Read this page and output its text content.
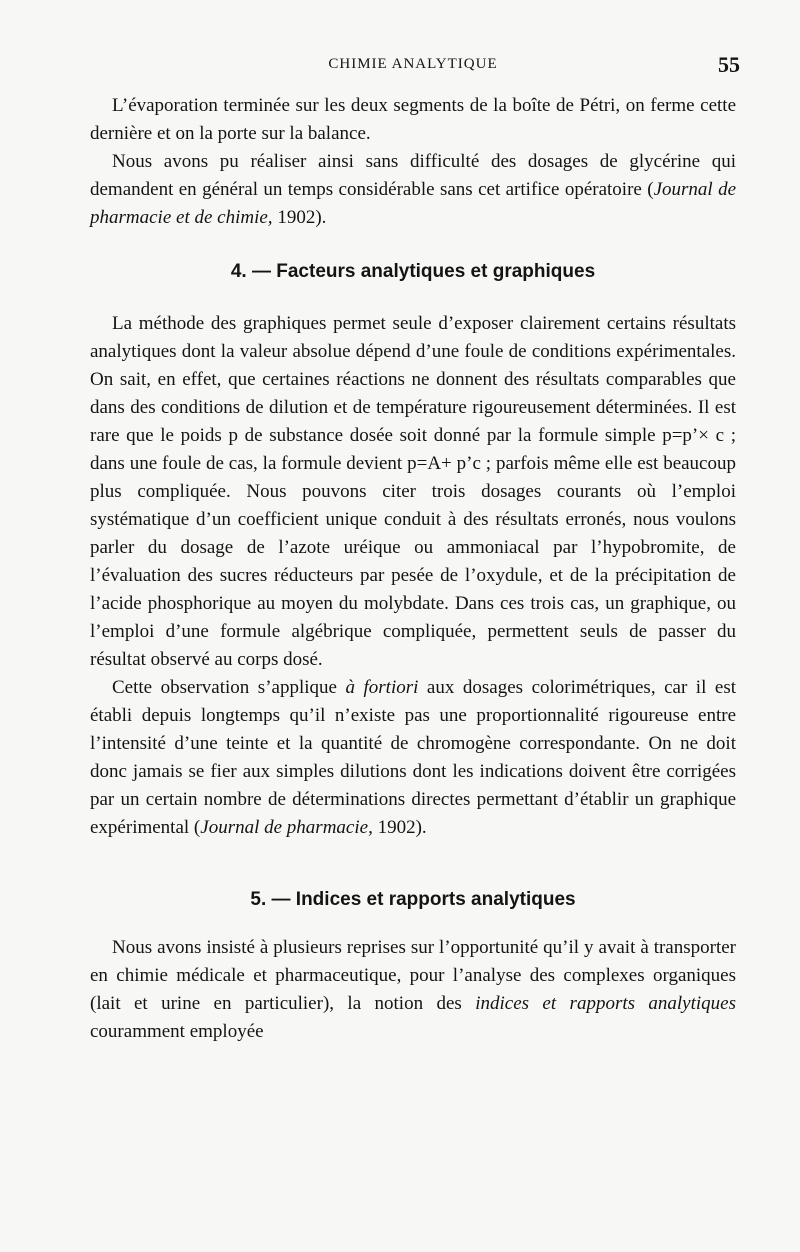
CHIMIE ANALYTIQUE	55

L’évaporation terminée sur les deux segments de la boîte de Pétri, on ferme cette dernière et on la porte sur la balance.

Nous avons pu réaliser ainsi sans difficulté des dosages de glycérine qui demandent en général un temps considérable sans cet artifice opératoire (Journal de pharmacie et de chimie, 1902).

4. — Facteurs analytiques et graphiques

La méthode des graphiques permet seule d’exposer clairement certains résultats analytiques dont la valeur absolue dépend d’une foule de conditions expérimentales. On sait, en effet, que certaines réactions ne donnent des résultats comparables que dans des conditions de dilution et de température rigoureusement déterminées. Il est rare que le poids p de substance dosée soit donné par la formule simple p=p’× c ; dans une foule de cas, la formule devient p=A+ p’c ; parfois même elle est beaucoup plus compliquée. Nous pouvons citer trois dosages courants où l’emploi systématique d’un coefficient unique conduit à des résultats erronés, nous voulons parler du dosage de l’azote uréique ou ammoniacal par l’hypobromite, de l’évaluation des sucres réducteurs par pesée de l’oxydule, et de la précipitation de l’acide phosphorique au moyen du molybdate. Dans ces trois cas, un graphique, ou l’emploi d’une formule algébrique compliquée, permettent seuls de passer du résultat observé au corps dosé.

Cette observation s’applique à fortiori aux dosages colorimétriques, car il est établi depuis longtemps qu’il n’existe pas une proportionnalité rigoureuse entre l’intensité d’une teinte et la quantité de chromogène correspondante. On ne doit donc jamais se fier aux simples dilutions dont les indications doivent être corrigées par un certain nombre de déterminations directes permettant d’établir un graphique expérimental (Journal de pharmacie, 1902).

5. — Indices et rapports analytiques

Nous avons insisté à plusieurs reprises sur l’opportunité qu’il y avait à transporter en chimie médicale et pharmaceutique, pour l’analyse des complexes organiques (lait et urine en particulier), la notion des indices et rapports analytiques couramment employée
